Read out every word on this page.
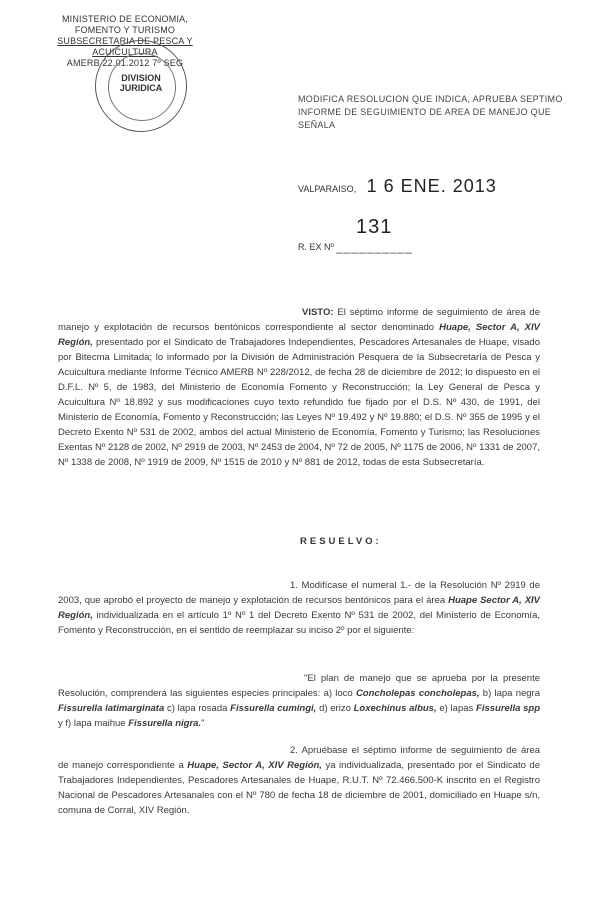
MINISTERIO DE ECONOMIA,
FOMENTO Y TURISMO
SUBSECRETARIA DE PESCA Y ACUICULTURA
AMERB 22.01.2012 7º SEG
DIVISION
JURIDICA
MODIFICA RESOLUCION QUE INDICA, APRUEBA SEPTIMO
INFORME DE SEGUIMIENTO DE AREA DE MANEJO QUE
SEÑALA
VALPARAISO, 1 6 ENE. 2013
R. EX Nº
131
__________
VISTO: El séptimo informe de seguimiento de área de manejo y explotación de recursos bentónicos correspondiente al sector denominado Huape, Sector A, XIV Región, presentado por el Sindicato de Trabajadores Independientes, Pescadores Artesanales de Huape, visado por Bitecma Limitada; lo informado por la División de Administración Pesquera de la Subsecretaría de Pesca y Acuicultura mediante Informe Técnico AMERB Nº 228/2012, de fecha 28 de diciembre de 2012; lo dispuesto en el D.F.L. Nº 5, de 1983, del Ministerio de Economía Fomento y Reconstrucción; la Ley General de Pesca y Acuicultura Nº 18.892 y sus modificaciones cuyo texto refundido fue fijado por el D.S. Nº 430, de 1991, del Ministerio de Economía, Fomento y Reconstrucción; las Leyes Nº 19.492 y Nº 19.880; el D.S. Nº 355 de 1995 y el Decreto Exento Nº 531 de 2002, ambos del actual Ministerio de Economía, Fomento y Turismo; las Resoluciones Exentas Nº 2128 de 2002, Nº 2919 de 2003, Nº 2453 de 2004, Nº 72 de 2005, Nº 1175 de 2006, Nº 1331 de 2007, Nº 1338 de 2008, Nº 1919 de 2009, Nº 1515 de 2010 y Nº 881 de 2012, todas de esta Subsecretaría.
RESUELVO:
1. Modifícase el numeral 1.- de la Resolución Nº 2919 de 2003, que aprobó el proyecto de manejo y explotación de recursos bentónicos para el área Huape Sector A, XIV Región, individualizada en el artículo 1º Nº 1 del Decreto Exento Nº 531 de 2002, del Ministerio de Economía, Fomento y Reconstrucción, en el sentido de reemplazar su inciso 2º por el siguiente:
"El plan de manejo que se aprueba por la presente Resolución, comprenderá las siguientes especies principales: a) loco Concholepas concholepas, b) lapa negra Fissurella latimarginata c) lapa rosada Fissurella cumingi, d) erizo Loxechinus albus, e) lapas Fissurella spp y f) lapa maihue Fissurella nigra."
2. Apruébase el séptimo informe de seguimiento de área de manejo correspondiente a Huape, Sector A, XIV Región, ya individualizada, presentado por el Sindicato de Trabajadores Independientes, Pescadores Artesanales de Huape, R.U.T. Nº 72.466.500-K inscrito en el Registro Nacional de Pescadores Artesanales con el Nº 780 de fecha 18 de diciembre de 2001, domiciliado en Huape s/n, comuna de Corral, XIV Región.
